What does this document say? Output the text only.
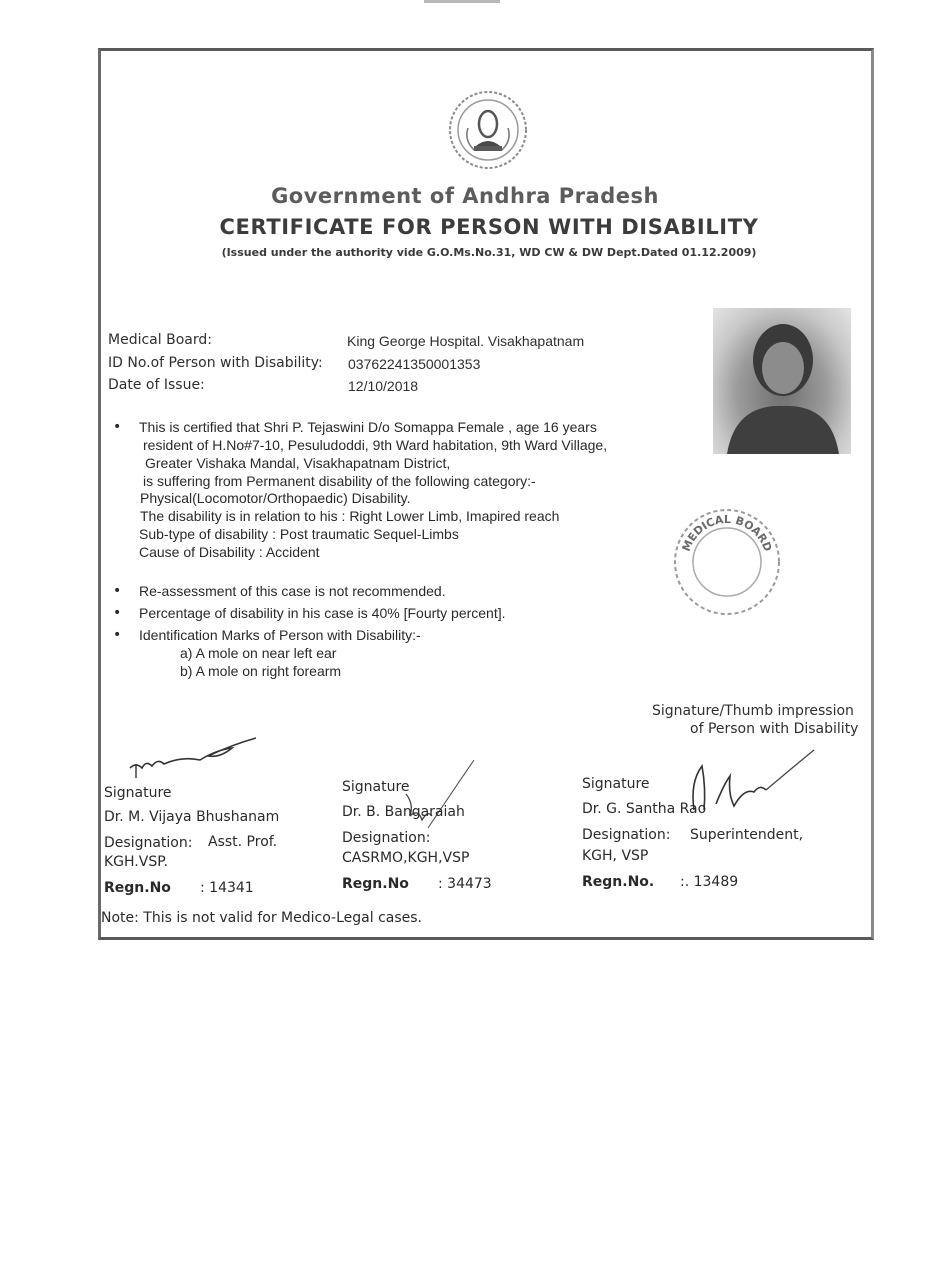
Government of Andhra Pradesh
CERTIFICATE FOR PERSON WITH DISABILITY
(Issued under the authority vide G.O.Ms.No.31, WD CW & DW Dept.Dated 01.12.2009)
Medical Board:	King George Hospital. Visakhapatnam
ID No.of Person with Disability: 03762241350001353
Date of Issue:	12/10/2018
• This is certified that Shri P. Tejaswini D/o Somappa Female , age 16 years
resident of H.No#7-10, Pesuludoddi, 9th Ward habitation, 9th Ward Village,
Greater Vishaka Mandal, Visakhapatnam District,
is suffering from Permanent disability of the following category:-
Physical(Locomotor/Orthopaedic) Disability.
The disability is in relation to his : Right Lower Limb, Imapired reach
Sub-type of disability : Post traumatic Sequel-Limbs
Cause of Disability : Accident	MEDICAL BOARD
• Re-assessment of this case is not recommended.
• Percentage of disability in his case is 40% [Fourty percent].
• Identification Marks of Person with Disability:-
a) A mole on near left ear
b) A mole on right forearm
Signature/Thumb impression
of Person with Disability
Signature
Dr. M. Vijaya Bhushanam
Designation: Asst. Prof.
KGH.VSP.
Regn.No : 14341
Signature
Dr. B. Bangaraiah
Designation:
CASRMO,KGH,VSP
Regn.No : 34473
Signature
Dr. G. Santha Rao
Designation: Superintendent,
KGH, VSP
Regn.No. :. 13489
Note: This is not valid for Medico-Legal cases.
